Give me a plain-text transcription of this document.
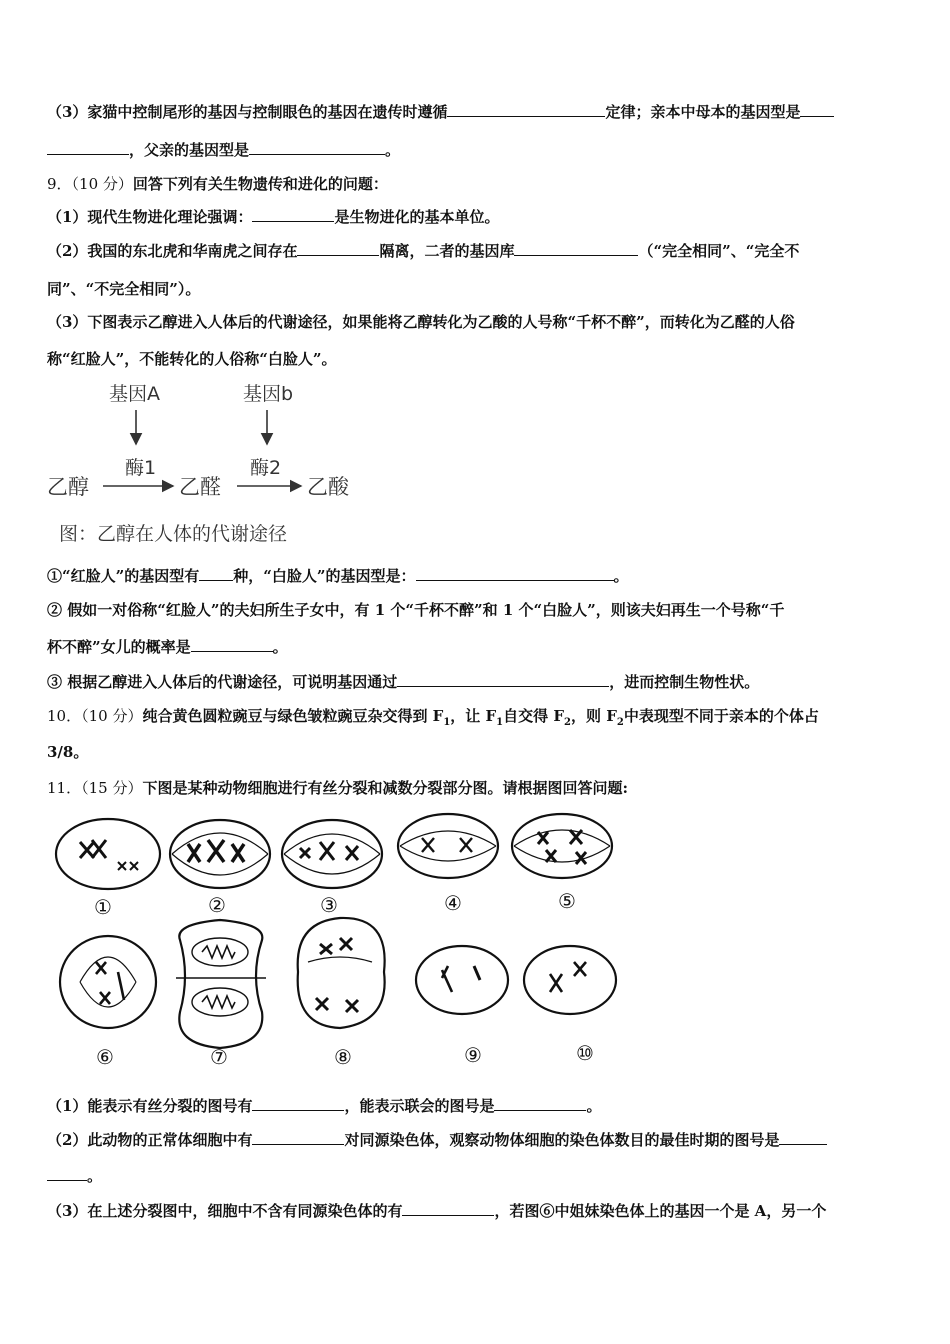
（3）家猫中控制尾形的基因与控制眼色的基因在遗传时遵循	定律；亲本中母本的基因型是
，父亲的基因型是	。
9．（10 分）回答下列有关生物遗传和进化的问题：
（1）现代生物进化理论强调：	是生物进化的基本单位。
（2）我国的东北虎和华南虎之间存在	隔离，二者的基因库	（“完全相同”、“完全不
同”、“不完全相同”）。
（3）下图表示乙醇进入人体后的代谢途径，如果能将乙醇转化为乙酸的人号称“千杯不醉”，而转化为乙醛的人俗
称“红脸人”，不能转化的人俗称“白脸人”。
基因A	基因b
酶1	酶2
乙醇	乙醛	乙酸
图：乙醇在人体的代谢途径
①“红脸人”的基因型有 种，“白脸人”的基因型是：	。
② 假如一对俗称“红脸人”的夫妇所生子女中，有 1 个“千杯不醉”和 1 个“白脸人”，则该夫妇再生一个号称“千
杯不醉”女儿的概率是	。
③ 根据乙醇进入人体后的代谢途径，可说明基因通过	，进而控制生物性状。
10．（10 分）纯合黄色圆粒豌豆与绿色皱粒豌豆杂交得到 $F_1$，让 $F_1$自交得 $F_2$，则 $F_2$中表现型不同于亲本的个体占
3/8。
11．（15 分）下图是某种动物细胞进行有丝分裂和减数分裂部分图。请根据图回答问题:
①	②	③	④	⑤
⑥	⑦	⑧	⑨	⑩
（1）能表示有丝分裂的图号有	，能表示联会的图号是	。
（2）此动物的正常体细胞中有	对同源染色体，观察动物体细胞的染色体数目的最佳时期的图号是
。
（3）在上述分裂图中，细胞中不含有同源染色体的有	，若图⑥中姐妹染色体上的基因一个是 A，另一个
